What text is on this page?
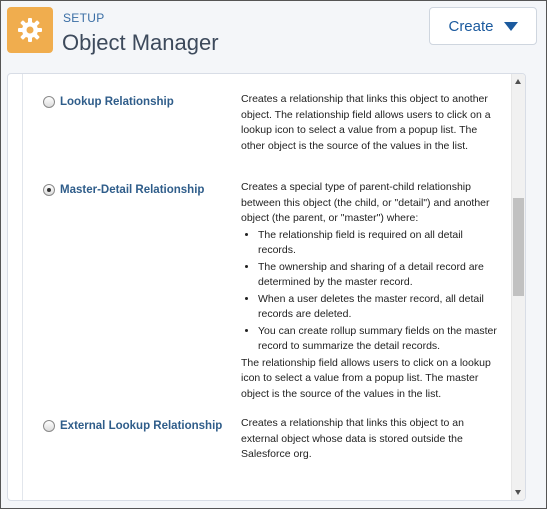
SETUP
Object Manager
Create
Lookup Relationship	Creates a relationship that links this object to another object. The relationship field allows users to click on a lookup icon to select a value from a popup list. The other object is the source of the values in the list.

Master-Detail Relationship	Creates a special type of parent-child relationship between this object (the child, or "detail") and another object (the parent, or "master") where:

• The relationship field is required on all detail records.
• The ownership and sharing of a detail record are determined by the master record.
• When a user deletes the master record, all detail records are deleted.
• You can create rollup summary fields on the master record to summarize the detail records.

The relationship field allows users to click on a lookup icon to select a value from a popup list. The master object is the source of the values in the list.

External Lookup Relationship Creates a relationship that links this object to an external object whose data is stored outside the Salesforce org.
